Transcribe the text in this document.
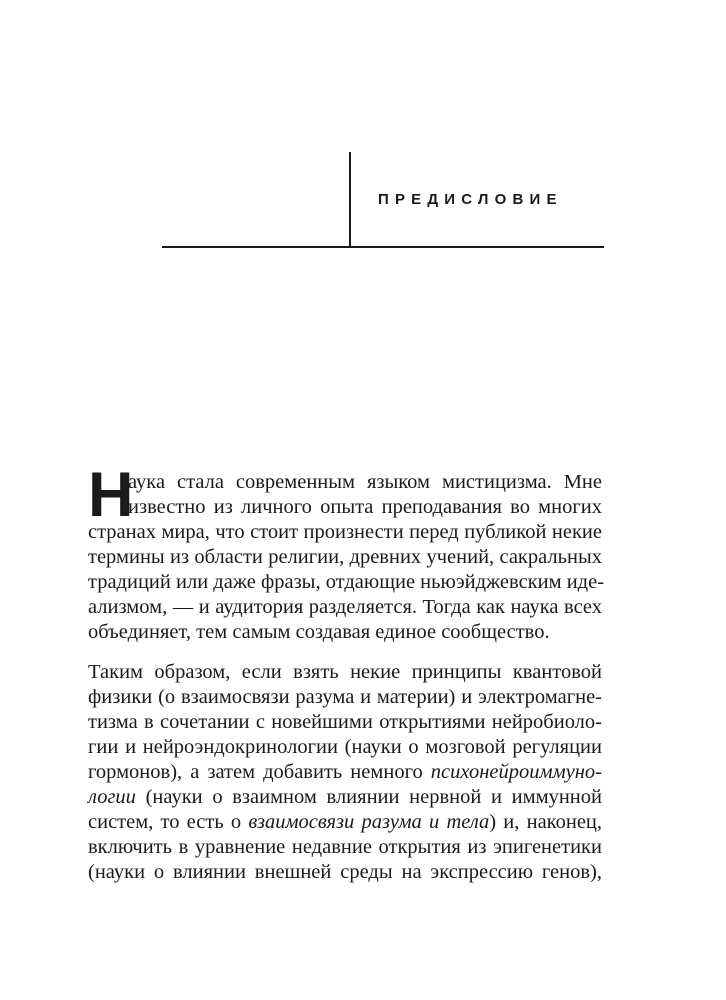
ПРЕДИСЛОВИЕ
Н
аука стала современным языком мистицизма. Мне
известно из личного опыта преподавания во многих
странах мира, что стоит произнести перед публикой некие
термины из области религии, древних учений, сакральных
традиций или даже фразы, отдающие ньюэйджевским иде-
ализмом, — и аудитория разделяется. Тогда как наука всех
объединяет, тем самым создавая единое сообщество.
Таким образом, если взять некие принципы квантовой
физики (о взаимосвязи разума и материи) и электромагне-
тизма в сочетании с новейшими открытиями нейробиоло-
гии и нейроэндокринологии (науки о мозговой регуляции
гормонов), а затем добавить немного психонейроиммуно-
логии (науки о взаимном влиянии нервной и иммунной
систем, то есть о взаимосвязи разума и тела) и, наконец,
включить в уравнение недавние открытия из эпигенетики
(науки о влиянии внешней среды на экспрессию генов),
